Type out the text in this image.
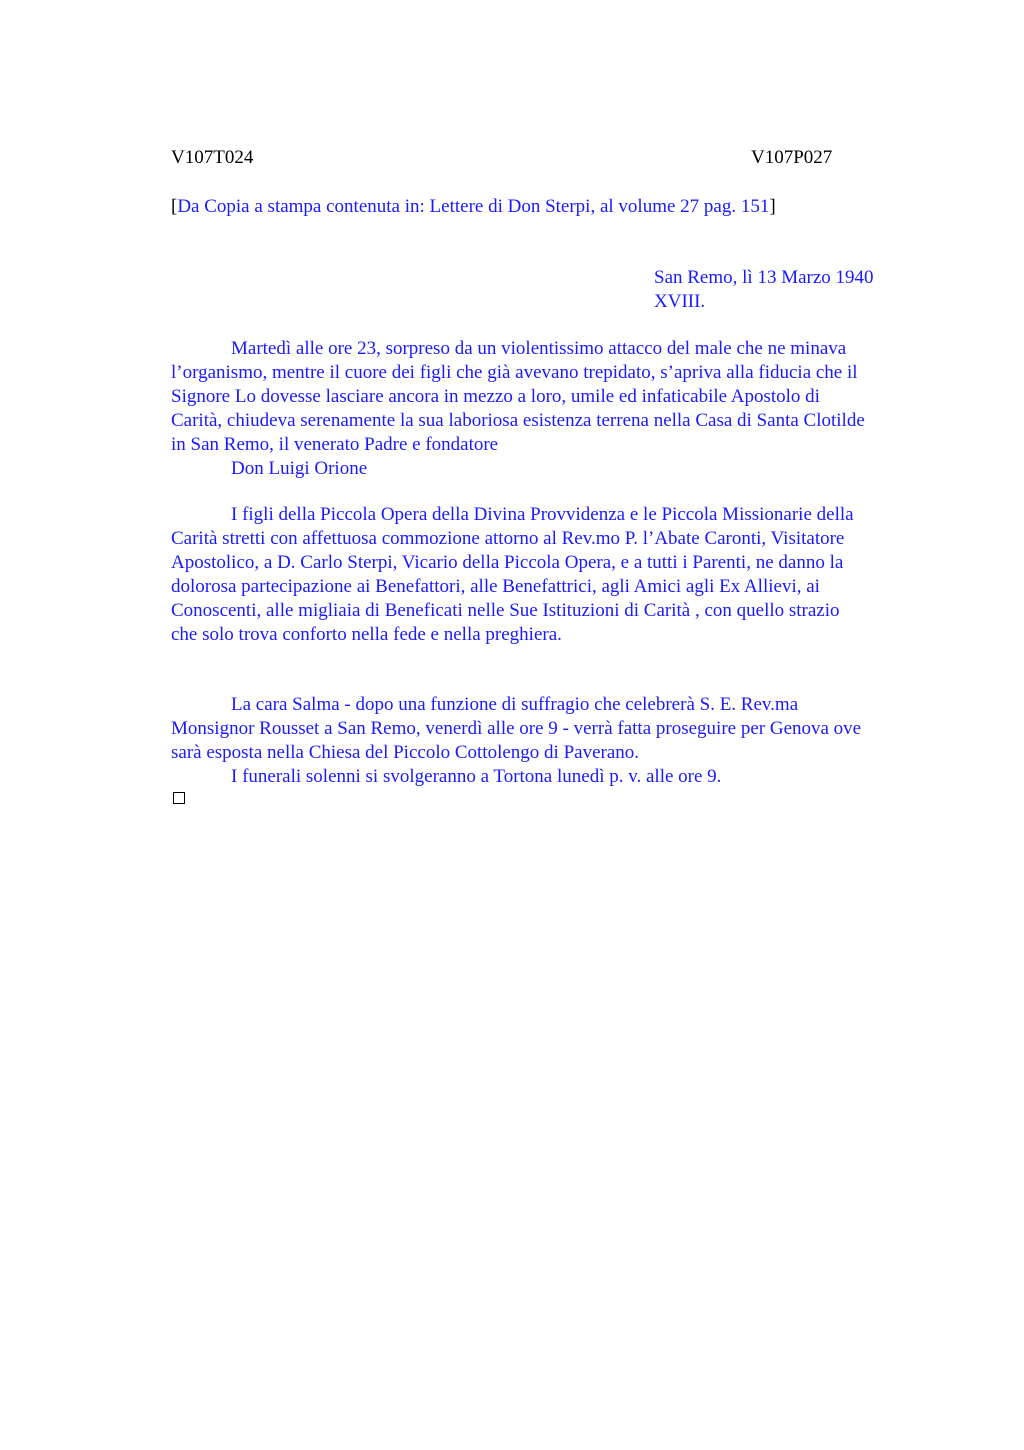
V107T024	V107P027

[Da Copia a stampa contenuta in: Lettere di Don Sterpi, al volume 27 pag. 151]

San Remo, lì 13 Marzo 1940
XVIII.
Martedì alle ore 23, sorpreso da un violentissimo attacco del male che ne minava
l’organismo, mentre il cuore dei figli che già avevano trepidato, s’apriva alla fiducia che il
Signore Lo dovesse lasciare ancora in mezzo a loro, umile ed infaticabile Apostolo di
Carità, chiudeva serenamente la sua laboriosa esistenza terrena nella Casa di Santa Clotilde
in San Remo, il venerato Padre e fondatore
Don Luigi Orione
I figli della Piccola Opera della Divina Provvidenza e le Piccola Missionarie della
Carità stretti con affettuosa commozione attorno al Rev.mo P. l’Abate Caronti, Visitatore
Apostolico, a D. Carlo Sterpi, Vicario della Piccola Opera, e a tutti i Parenti, ne danno la
dolorosa partecipazione ai Benefattori, alle Benefattrici, agli Amici agli Ex Allievi, ai
Conoscenti, alle migliaia di Beneficati nelle Sue Istituzioni di Carità , con quello strazio
che solo trova conforto nella fede e nella preghiera.
La cara Salma - dopo una funzione di suffragio che celebrerà S. E. Rev.ma
Monsignor Rousset a San Remo, venerdì alle ore 9 - verrà fatta proseguire per Genova ove
sarà esposta nella Chiesa del Piccolo Cottolengo di Paverano.
I funerali solenni si svolgeranno a Tortona lunedì p. v. alle ore 9.
